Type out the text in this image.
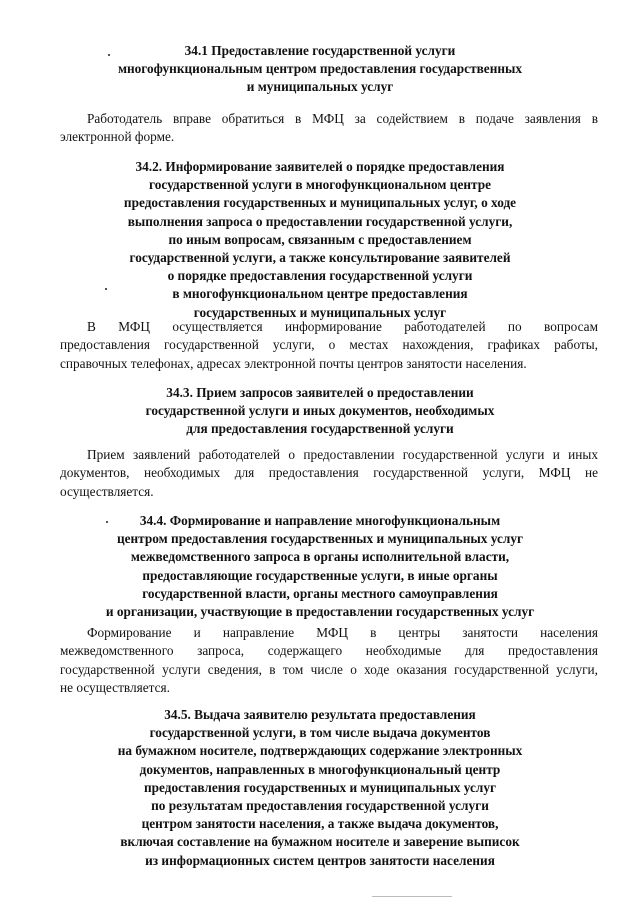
34.1 Предоставление государственной услуги
многофункциональным центром предоставления государственных
и муниципальных услуг
Работодатель вправе обратиться в МФЦ за содействием в подаче заявления в
электронной форме.
34.2. Информирование заявителей о порядке предоставления
государственной услуги в многофункциональном центре
предоставления государственных и муниципальных услуг, о ходе
выполнения запроса о предоставлении государственной услуги,
по иным вопросам, связанным с предоставлением
государственной услуги, а также консультирование заявителей
о порядке предоставления государственной услуги
в многофункциональном центре предоставления
государственных и муниципальных услуг
В МФЦ осуществляется информирование работодателей по вопросам
предоставления государственной услуги, о местах нахождения, графиках работы,
справочных телефонах, адресах электронной почты центров занятости населения.
34.3. Прием запросов заявителей о предоставлении
государственной услуги и иных документов, необходимых
для предоставления государственной услуги
Прием заявлений работодателей о предоставлении государственной услуги и иных
документов, необходимых для предоставления государственной услуги, МФЦ не
осуществляется.
34.4. Формирование и направление многофункциональным
центром предоставления государственных и муниципальных услуг
межведомственного запроса в органы исполнительной власти,
предоставляющие государственные услуги, в иные органы
государственной власти, органы местного самоуправления
и организации, участвующие в предоставлении государственных услуг
Формирование и направление МФЦ в центры занятости населения
межведомственного запроса, содержащего необходимые для предоставления
государственной услуги сведения, в том числе о ходе оказания государственной услуги,
не осуществляется.
34.5. Выдача заявителю результата предоставления
государственной услуги, в том числе выдача документов
на бумажном носителе, подтверждающих содержание электронных
документов, направленных в многофункциональный центр
предоставления государственных и муниципальных услуг
по результатам предоставления государственной услуги
центром занятости населения, а также выдача документов,
включая составление на бумажном носителе и заверение выписок
из информационных систем центров занятости населения
